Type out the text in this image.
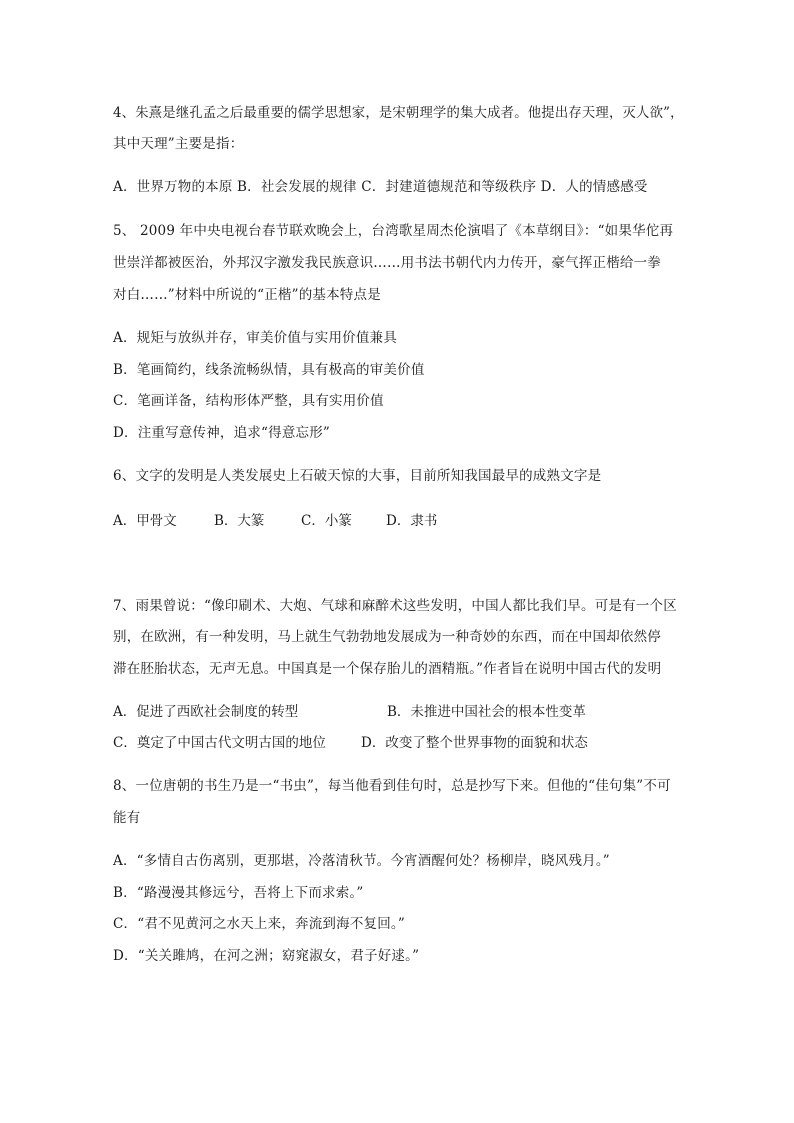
4、朱熹是继孔孟之后最重要的儒学思想家，是宋朝理学的集大成者。他提出存天理，灭人欲”，
其中天理”主要是指：
A．世界万物的本原 B．社会发展的规律 C．封建道德规范和等级秩序 D．人的情感感受
5、 2009 年中央电视台春节联欢晚会上，台湾歌星周杰伦演唱了《本草纲目》：“如果华佗再
世崇洋都被医治，外邦汉字激发我民族意识……用书法书朝代内力传开，豪气挥正楷给一拳
对白……”材料中所说的“正楷”的基本特点是
A．规矩与放纵并存，审美价值与实用价值兼具
B．笔画简约，线条流畅纵情，具有极高的审美价值
C．笔画详备，结构形体严整，具有实用价值
D．注重写意传神，追求“得意忘形”
6、文字的发明是人类发展史上石破天惊的大事，目前所知我国最早的成熟文字是
A．甲骨文	B．大篆	C．小篆	D．隶书
7、雨果曾说：“像印刷术、大炮、气球和麻醉术这些发明，中国人都比我们早。可是有一个区
别，在欧洲，有一种发明，马上就生气勃勃地发展成为一种奇妙的东西，而在中国却依然停
滞在胚胎状态，无声无息。中国真是一个保存胎儿的酒精瓶。”作者旨在说明中国古代的发明
A．促进了西欧社会制度的转型	B．未推进中国社会的根本性变革
C．奠定了中国古代文明古国的地位	D．改变了整个世界事物的面貌和状态
8、一位唐朝的书生乃是一“书虫”，每当他看到佳句时，总是抄写下来。但他的“佳句集”不可
能有
A．“多情自古伤离别，更那堪，冷落清秋节。今宵酒醒何处？杨柳岸，晓风残月。”
B．“路漫漫其修远兮，吾将上下而求索。”
C．“君不见黄河之水天上来，奔流到海不复回。”
D．“关关雎鸠，在河之洲；窈窕淑女，君子好逑。”
